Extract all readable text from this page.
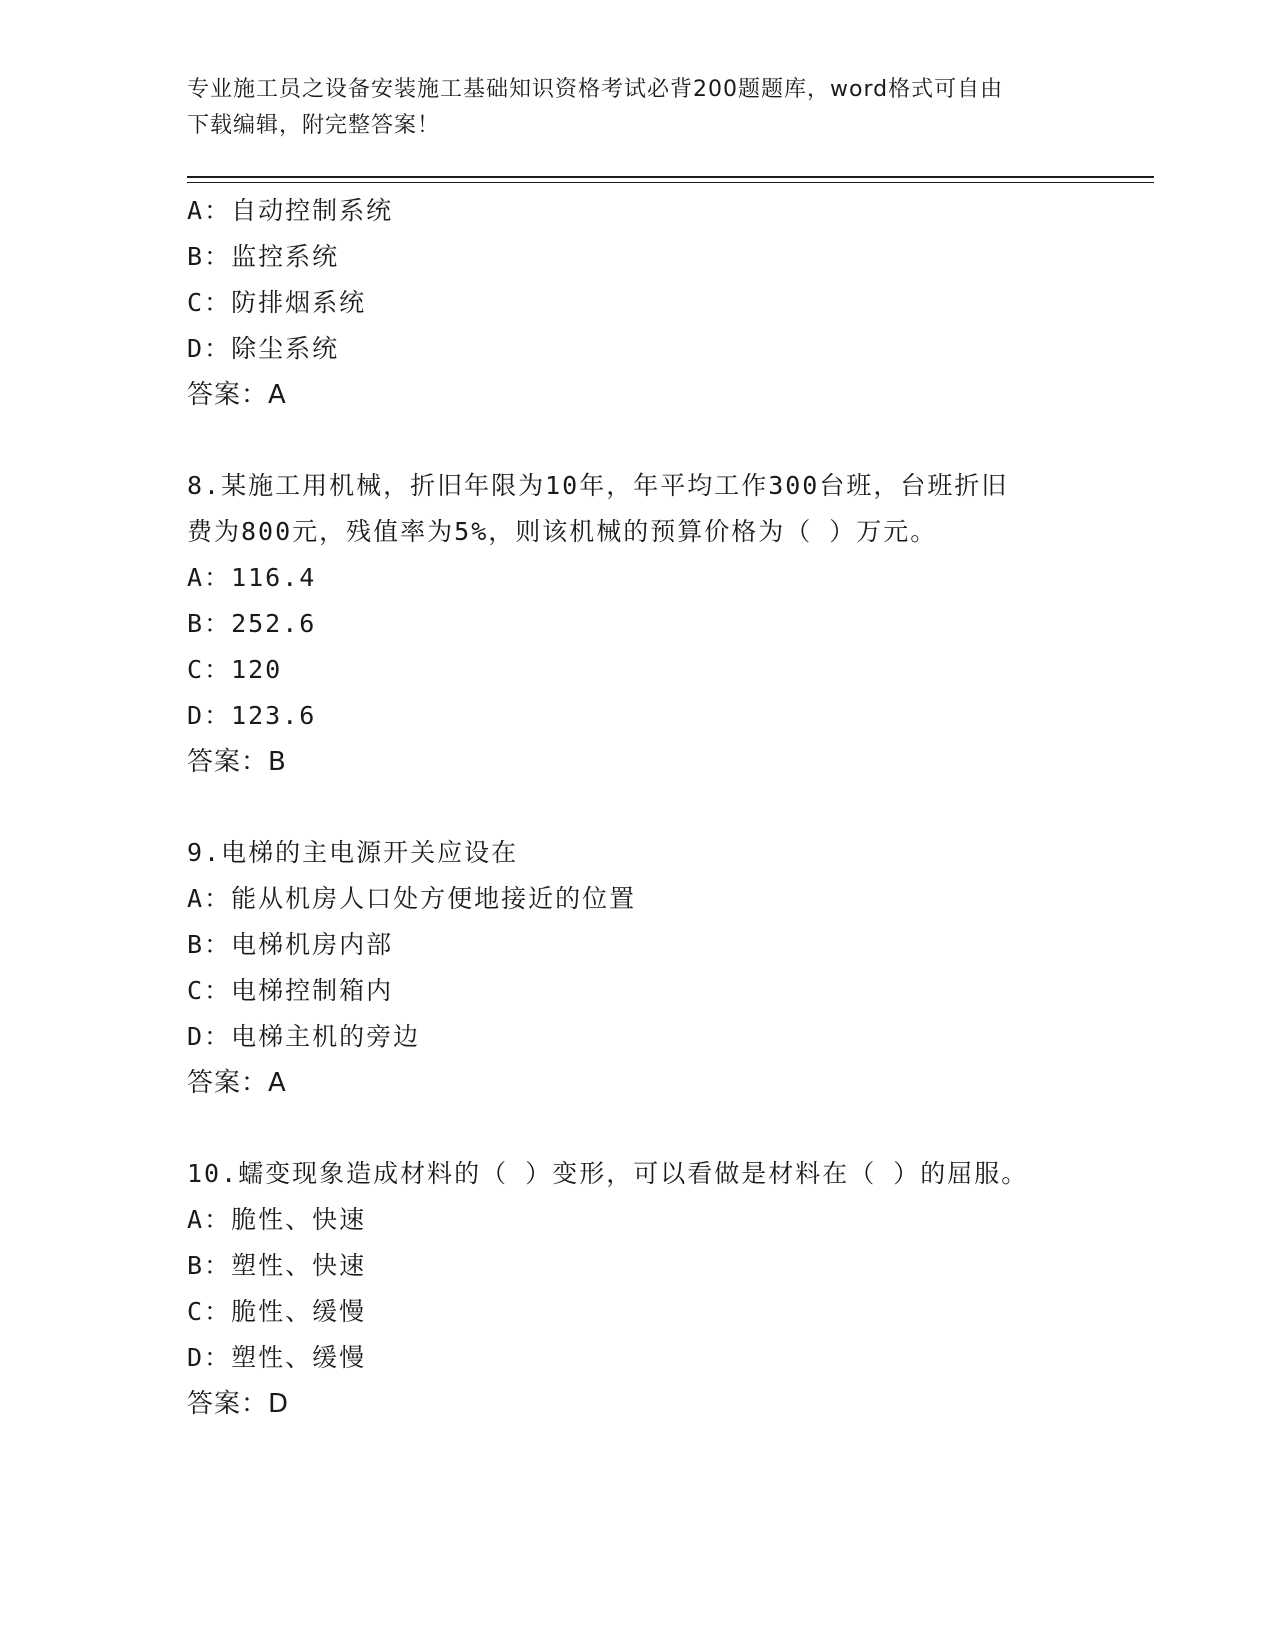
专业施工员之设备安装施工基础知识资格考试必背200题题库，word格式可自由
下载编辑，附完整答案！
A：自动控制系统
B：监控系统
C：防排烟系统
D：除尘系统
答案：A
8.某施工用机械，折旧年限为10年，年平均工作300台班，台班折旧
费为800元，残值率为5%，则该机械的预算价格为（ ）万元。
A：116.4
B：252.6
C：120
D：123.6
答案：B
9.电梯的主电源开关应设在
A：能从机房人口处方便地接近的位置
B：电梯机房内部
C：电梯控制箱内
D：电梯主机的旁边
答案：A
10.蠕变现象造成材料的（ ）变形，可以看做是材料在（ ）的屈服。
A：脆性、快速
B：塑性、快速
C：脆性、缓慢
D：塑性、缓慢
答案：D
